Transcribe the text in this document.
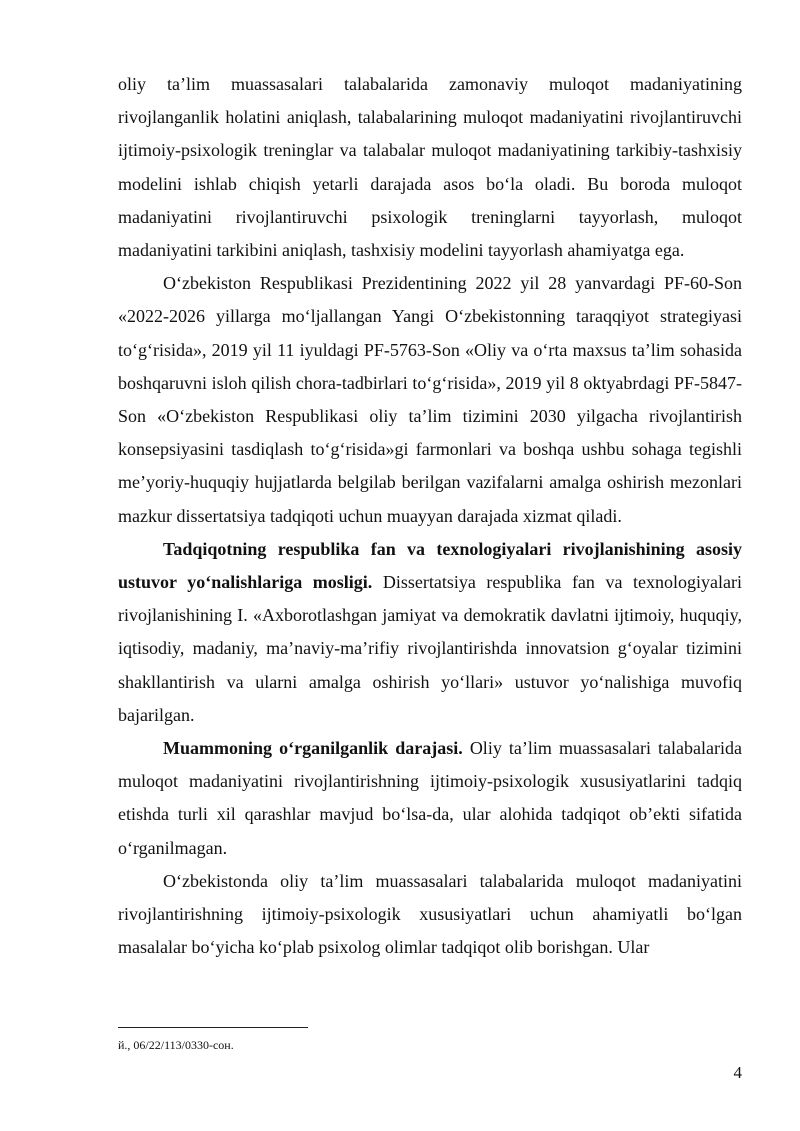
oliy ta’lim muassasalari talabalarida zamonaviy muloqot madaniyatining rivojlanganlik holatini aniqlash, talabalarining muloqot madaniyatini rivojlantiruvchi ijtimoiy-psixologik treninglar va talabalar muloqot madaniyatining tarkibiy-tashxisiy modelini ishlab chiqish yetarli darajada asos bo‘la oladi. Bu boroda muloqot madaniyatini rivojlantiruvchi psixologik treninglarni tayyorlash, muloqot madaniyatini tarkibini aniqlash, tashxisiy modelini tayyorlash ahamiyatga ega.

O‘zbekiston Respublikasi Prezidentining 2022 yil 28 yanvardagi PF-60-Son «2022-2026 yillarga mo‘ljallangan Yangi O‘zbekistonning taraqqiyot strategiyasi to‘g‘risida», 2019 yil 11 iyuldagi PF-5763-Son «Oliy va o‘rta maxsus ta’lim sohasida boshqaruvni isloh qilish chora-tadbirlari to‘g‘risida», 2019 yil 8 oktyabrdagi PF-5847-Son «O‘zbekiston Respublikasi oliy ta’lim tizimini 2030 yilgacha rivojlantirish konsepsiyasini tasdiqlash to‘g‘risida»gi farmonlari va boshqa ushbu sohaga tegishli me’yoriy-huquqiy hujjatlarda belgilab berilgan vazifalarni amalga oshirish mezonlari mazkur dissertatsiya tadqiqoti uchun muayyan darajada xizmat qiladi.

Tadqiqotning respublika fan va texnologiyalari rivojlanishining asosiy ustuvor yo‘nalishlariga mosligi. Dissertatsiya respublika fan va texnologiyalari rivojlanishining I. «Axborotlashgan jamiyat va demokratik davlatni ijtimoiy, huquqiy, iqtisodiy, madaniy, ma’naviy-ma’rifiy rivojlantirishda innovatsion g‘oyalar tizimini shakllantirish va ularni amalga oshirish yo‘llari» ustuvor yo‘nalishiga muvofiq bajarilgan.

Muammoning o‘rganilganlik darajasi. Oliy ta’lim muassasalari talabalarida muloqot madaniyatini rivojlantirishning ijtimoiy-psixologik xususiyatlarini tadqiq etishda turli xil qarashlar mavjud bo‘lsa-da, ular alohida tadqiqot ob’ekti sifatida o‘rganilmagan.

O‘zbekistonda oliy ta’lim muassasalari talabalarida muloqot madaniyatini rivojlantirishning ijtimoiy-psixologik xususiyatlari uchun ahamiyatli bo‘lgan masalalar bo‘yicha ko‘plab psixolog olimlar tadqiqot olib borishgan. Ular

й., 06/22/113/0330-сон.
4
